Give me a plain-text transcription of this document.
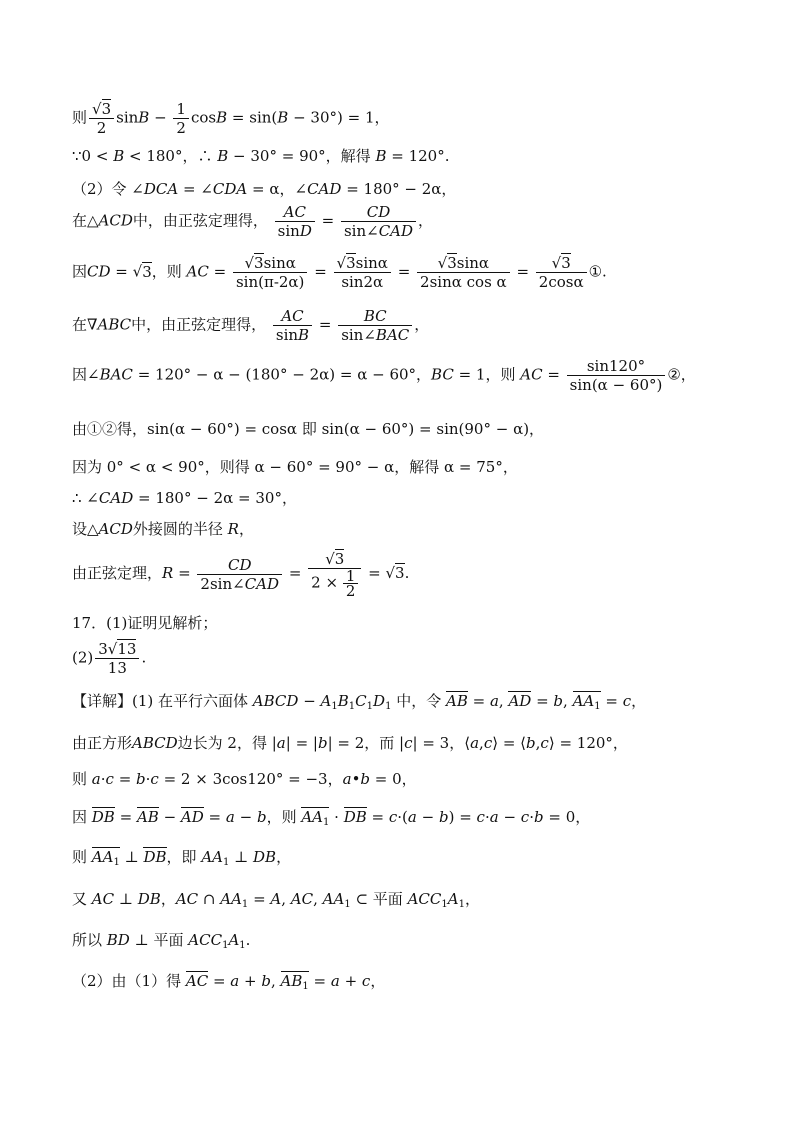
则 $\frac{√3}{2}$ $\sin B - \frac{1}{2}$ cosB = sin(B − 30°) = 1，
∵0 < B < 180°，∴ B − 30° = 90°，解得 B = 120°.
（2）令 ∠DCA = ∠CDA = α，∠CAD = 180° − 2α，
在△ACD中，由正弦定理得， $\frac{AC}{\sin D} = \frac{CD}{\text{sin∠CAD}}$ ，
因CD = √3，则 AC = $\frac{√3\sin\alpha}{\sin(\pi-2\alpha)} = \frac{√3\sin\alpha}{\sin 2\alpha} = \frac{√3\sin\alpha}{\text{2sinα cos α}} = \frac{√3}{2\cos\alpha}$ ①.
在∇ABC中，由正弦定理得， $\frac{AC}{\sin B} = \frac{BC}{\text{sin∠BAC}}$ ，
因∠BAC = 120° − α − (180° − 2α) = α − 60°，BC = 1，则 AC = $\frac{\sin 120^\circ}{\sin(\alpha - 60^\circ)}$ ②，
由①②得，sin(α − 60°) = cosα 即 sin(α − 60°) = sin(90° − α)，
因为 0° < α < 90°，则得 α − 60° = 90° − α，解得 α = 75°，
∴ ∠CAD = 180° − 2α = 30°，
设△ACD外接圆的半径 R，
由正弦定理，$R = \frac{CD}{\text{2sin∠CAD}} = \frac{√3}{2 \times \frac{1}{2}} = √3$.
17．(1)证明见解析；
$(2) \frac{3√13}{13}$ .
【详解】(1) 在平行六面体 ABCD − $A_1B_1C_1D_1$ 中，令 AB = a, AD = b, $AA_1 = c$，
由正方形ABCD边长为 2，得 |a| = |b| = 2，而 |c| = 3，⟨a,c⟩ = ⟨b,c⟩ = 120°，
则 a·c = b·c = 2 × 3cos120° = −3，a•b = 0，
因 DB = AB − AD = a − b，则 $AA_1$ · DB = c·(a − b) = c·a − c·b = 0，
则 $AA_1$ ⊥ DB，即 $AA_1$ ⊥ DB，
又 AC ⊥ DB，AC ∩ $AA_1 = A$, AC, $AA_1$ ⊂ 平面 $ACC_1A_1$，
所以 BD ⊥ 平面 $ACC_1A_1$.
（2）由（1）得 AC = a + b, $AB_1 = a + c$，
